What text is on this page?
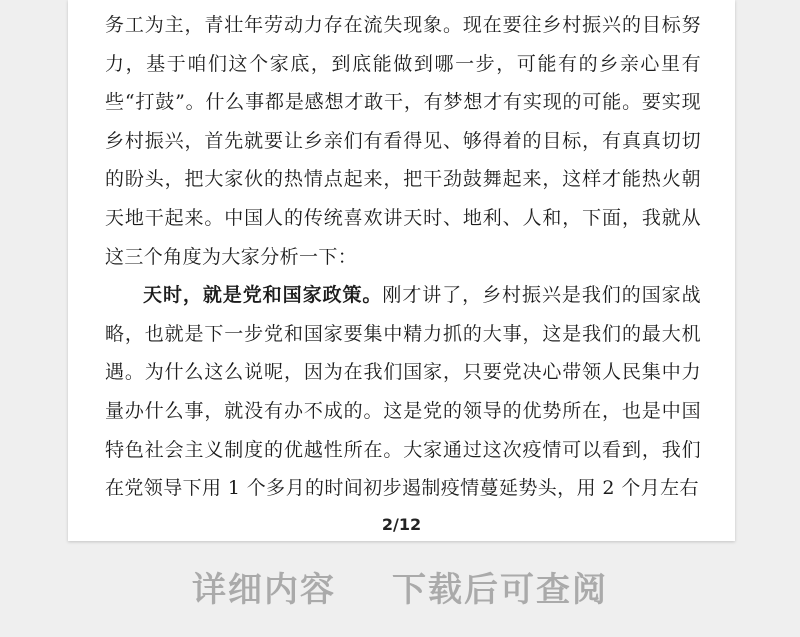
务工为主，青壮年劳动力存在流失现象。现在要往乡村振兴的目标努力，基于咱们这个家底，到底能做到哪一步，可能有的乡亲心里有些“打鼓”。什么事都是感想才敢干，有梦想才有实现的可能。要实现乡村振兴，首先就要让乡亲们有看得见、够得着的目标，有真真切切的盼头，把大家伙的热情点起来，把干劲鼓舞起来，这样才能热火朝天地干起来。中国人的传统喜欢讲天时、地利、人和，下面，我就从这三个角度为大家分析一下：

天时，就是党和国家政策。刚才讲了，乡村振兴是我们的国家战略，也就是下一步党和国家要集中精力抓的大事，这是我们的最大机遇。为什么这么说呢，因为在我们国家，只要党决心带领人民集中力量办什么事，就没有办不成的。这是党的领导的优势所在，也是中国特色社会主义制度的优越性所在。大家通过这次疫情可以看到，我们在党领导下用 1 个多月的时间初步遏制疫情蔓延势头，用 2 个月左右

2/12
详细内容 下载后可查阅
